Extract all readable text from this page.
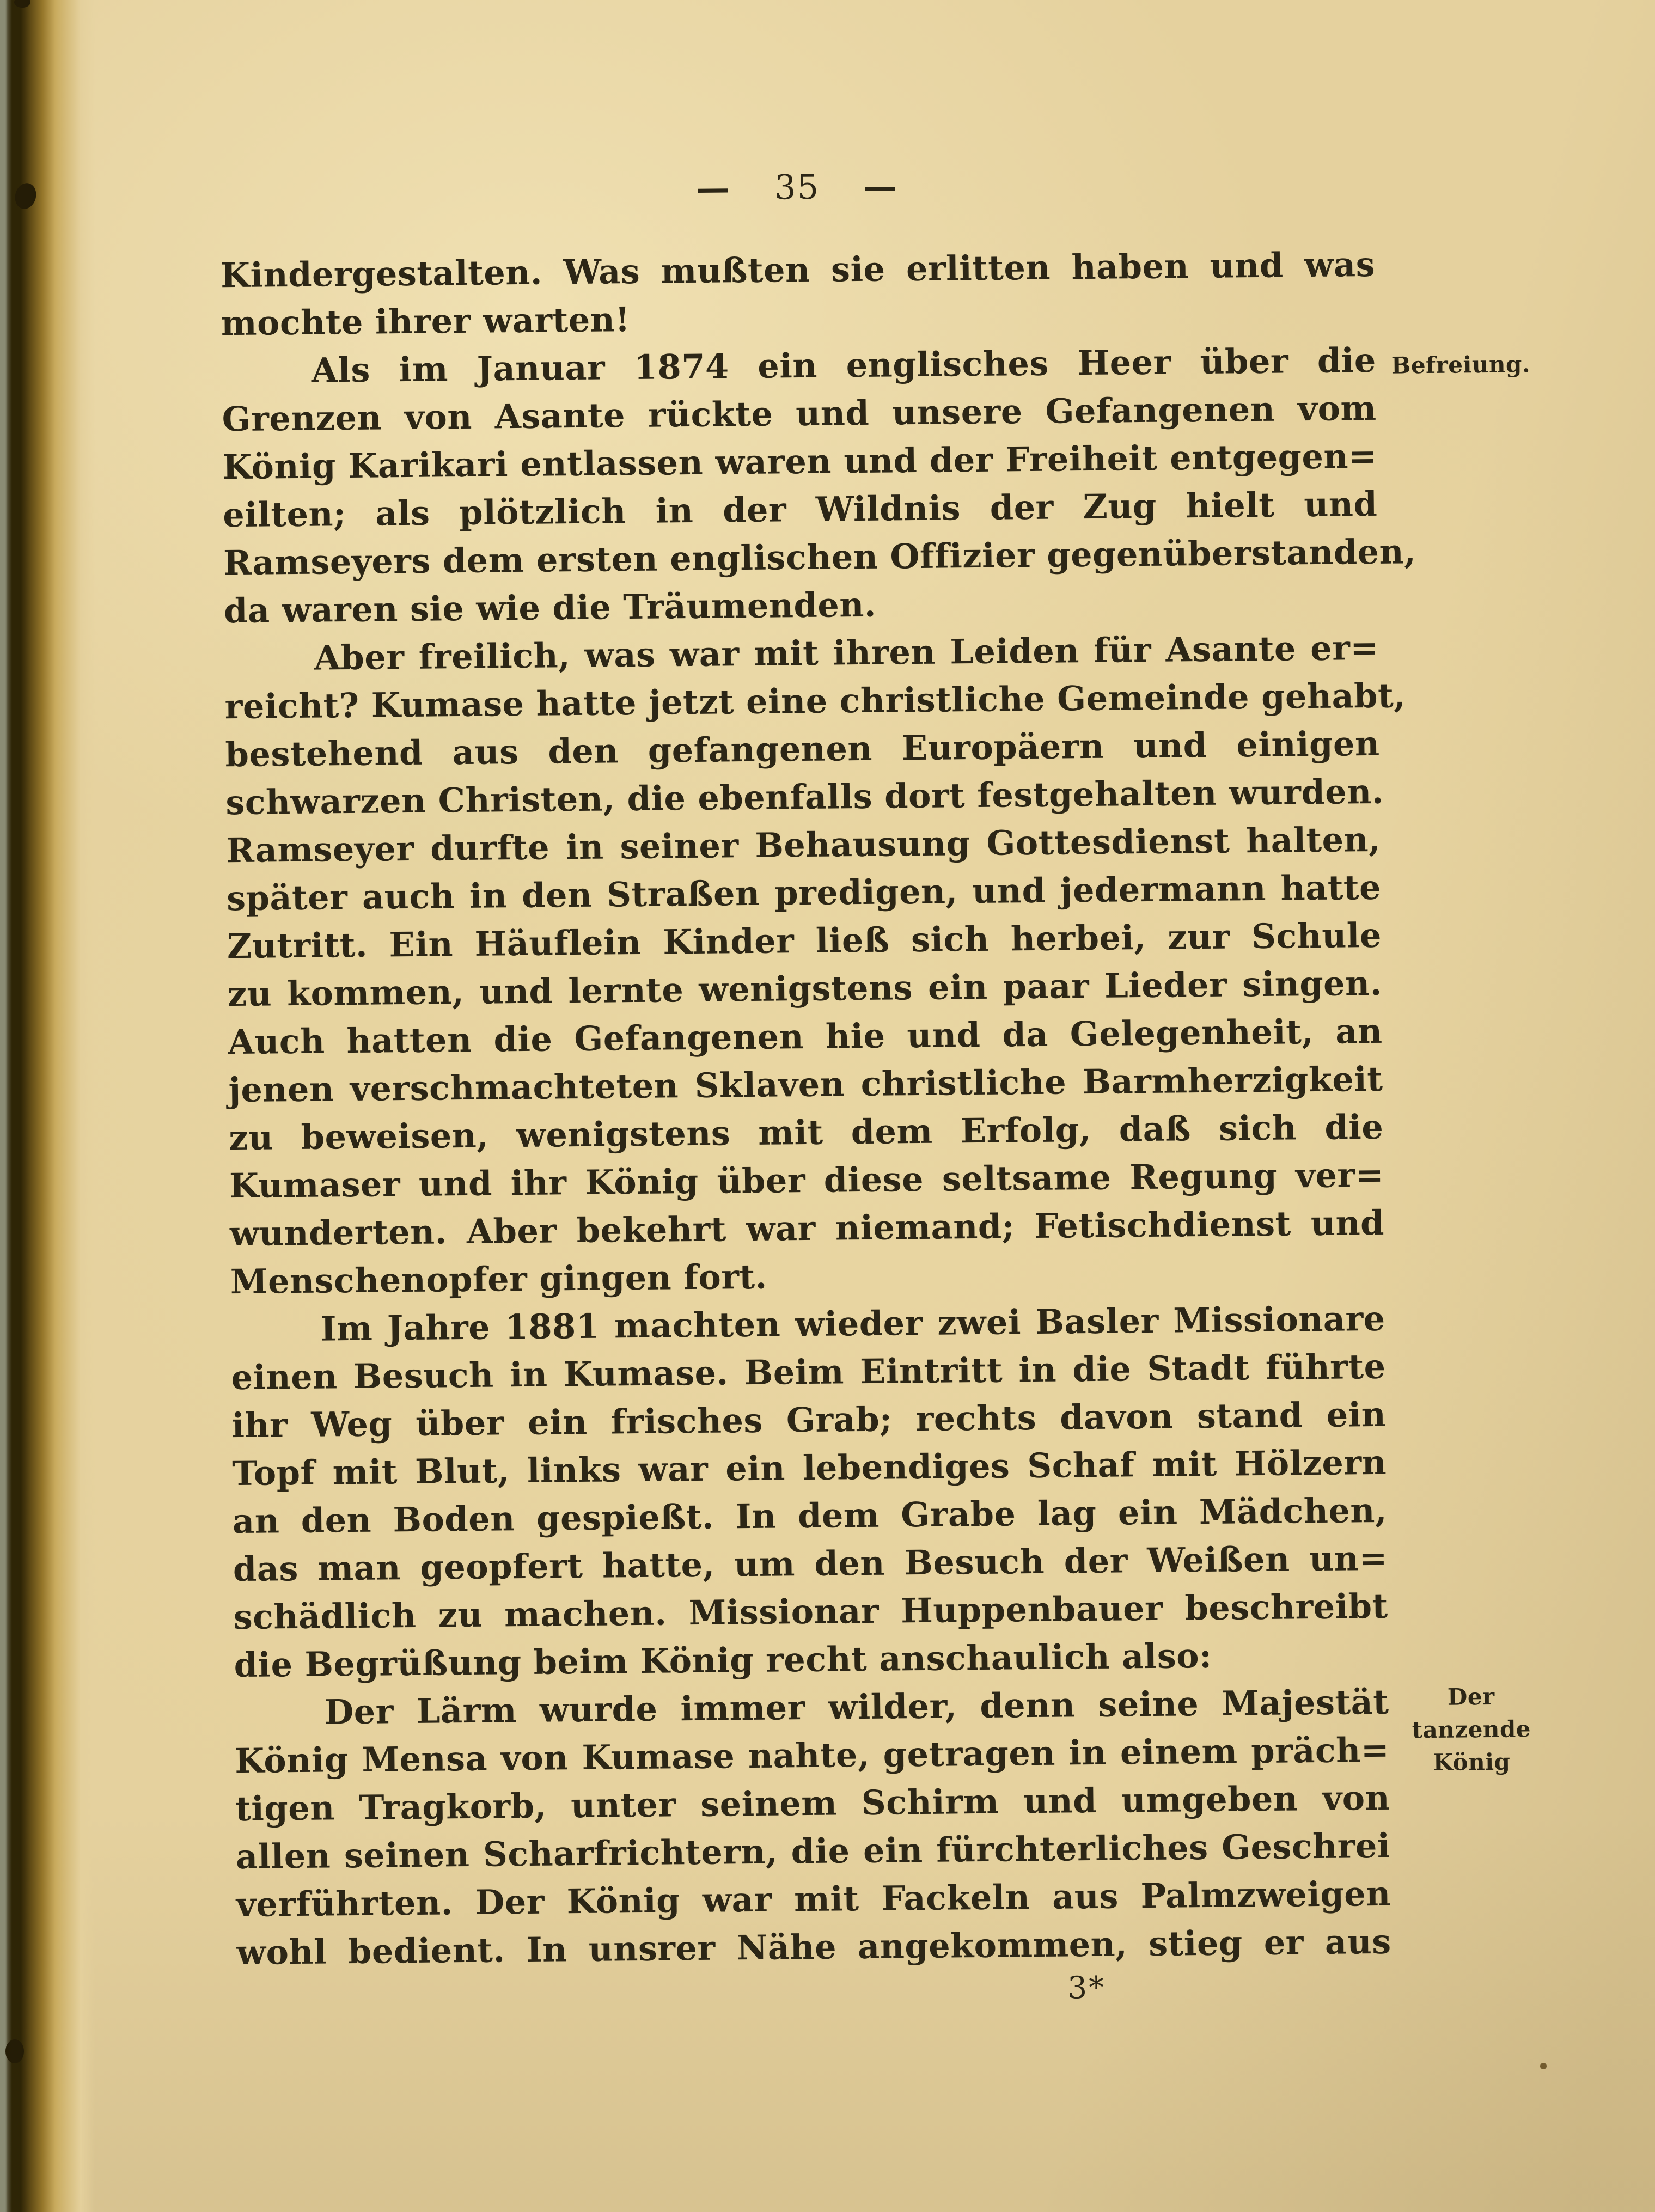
— 35 —
Kindergestalten. Was mußten sie erlitten haben und was
mochte ihrer warten!
Als im Januar 1874 ein englisches Heer über die
Grenzen von Asante rückte und unsere Gefangenen vom
König Karikari entlassen waren und der Freiheit entgegen=
eilten; als plötzlich in der Wildnis der Zug hielt und
Ramseyers dem ersten englischen Offizier gegenüberstanden,
da waren sie wie die Träumenden.
Aber freilich, was war mit ihren Leiden für Asante er=
reicht? Kumase hatte jetzt eine christliche Gemeinde gehabt,
bestehend aus den gefangenen Europäern und einigen
schwarzen Christen, die ebenfalls dort festgehalten wurden.
Ramseyer durfte in seiner Behausung Gottesdienst halten,
später auch in den Straßen predigen, und jedermann hatte
Zutritt. Ein Häuflein Kinder ließ sich herbei, zur Schule
zu kommen, und lernte wenigstens ein paar Lieder singen.
Auch hatten die Gefangenen hie und da Gelegenheit, an
jenen verschmachteten Sklaven christliche Barmherzigkeit
zu beweisen, wenigstens mit dem Erfolg, daß sich die
Kumaser und ihr König über diese seltsame Regung ver=
wunderten. Aber bekehrt war niemand; Fetischdienst und
Menschenopfer gingen fort.
Im Jahre 1881 machten wieder zwei Basler Missionare
einen Besuch in Kumase. Beim Eintritt in die Stadt führte
ihr Weg über ein frisches Grab; rechts davon stand ein
Topf mit Blut, links war ein lebendiges Schaf mit Hölzern
an den Boden gespießt. In dem Grabe lag ein Mädchen,
das man geopfert hatte, um den Besuch der Weißen un=
schädlich zu machen. Missionar Huppenbauer beschreibt
die Begrüßung beim König recht anschaulich also:
Der Lärm wurde immer wilder, denn seine Majestät
König Mensa von Kumase nahte, getragen in einem präch=
tigen Tragkorb, unter seinem Schirm und umgeben von
allen seinen Scharfrichtern, die ein fürchterliches Geschrei
verführten. Der König war mit Fackeln aus Palmzweigen
wohl bedient. In unsrer Nähe angekommen, stieg er aus
Befreiung.
Der
tanzende
König
3*
